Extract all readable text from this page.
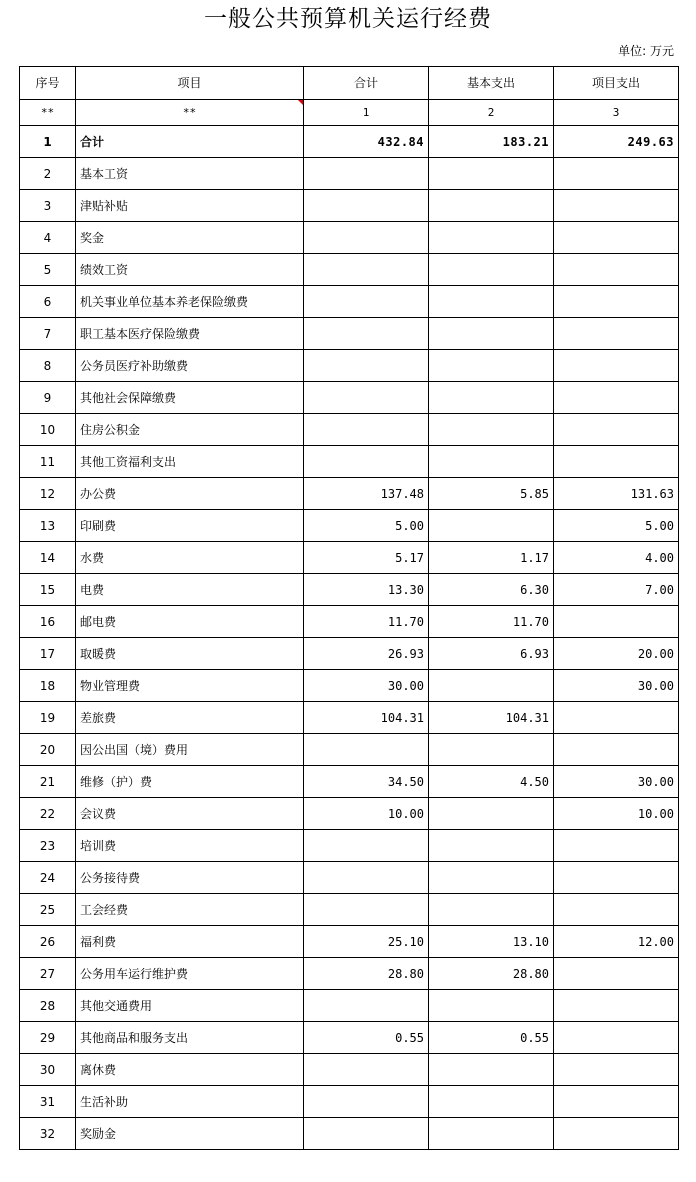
一般公共预算机关运行经费
单位: 万元
序号	项目	合计	基本支出	项目支出
**	**	1	2	3
1	合计	432.84	183.21	249.63
2	基本工资			
3	津贴补贴			
4	奖金			
5	绩效工资			
6	机关事业单位基本养老保险缴费			
7	职工基本医疗保险缴费			
8	公务员医疗补助缴费			
9	其他社会保障缴费			
10	住房公积金			
11	其他工资福利支出			
12	办公费	137.48	5.85	131.63
13	印刷费	5.00		5.00
14	水费	5.17	1.17	4.00
15	电费	13.30	6.30	7.00
16	邮电费	11.70	11.70	
17	取暖费	26.93	6.93	20.00
18	物业管理费	30.00		30.00
19	差旅费	104.31	104.31	
20	因公出国（境）费用			
21	维修（护）费	34.50	4.50	30.00
22	会议费	10.00		10.00
23	培训费			
24	公务接待费			
25	工会经费			
26	福利费	25.10	13.10	12.00
27	公务用车运行维护费	28.80	28.80	
28	其他交通费用			
29	其他商品和服务支出	0.55	0.55	
30	离休费			
31	生活补助			
32	奖励金			
